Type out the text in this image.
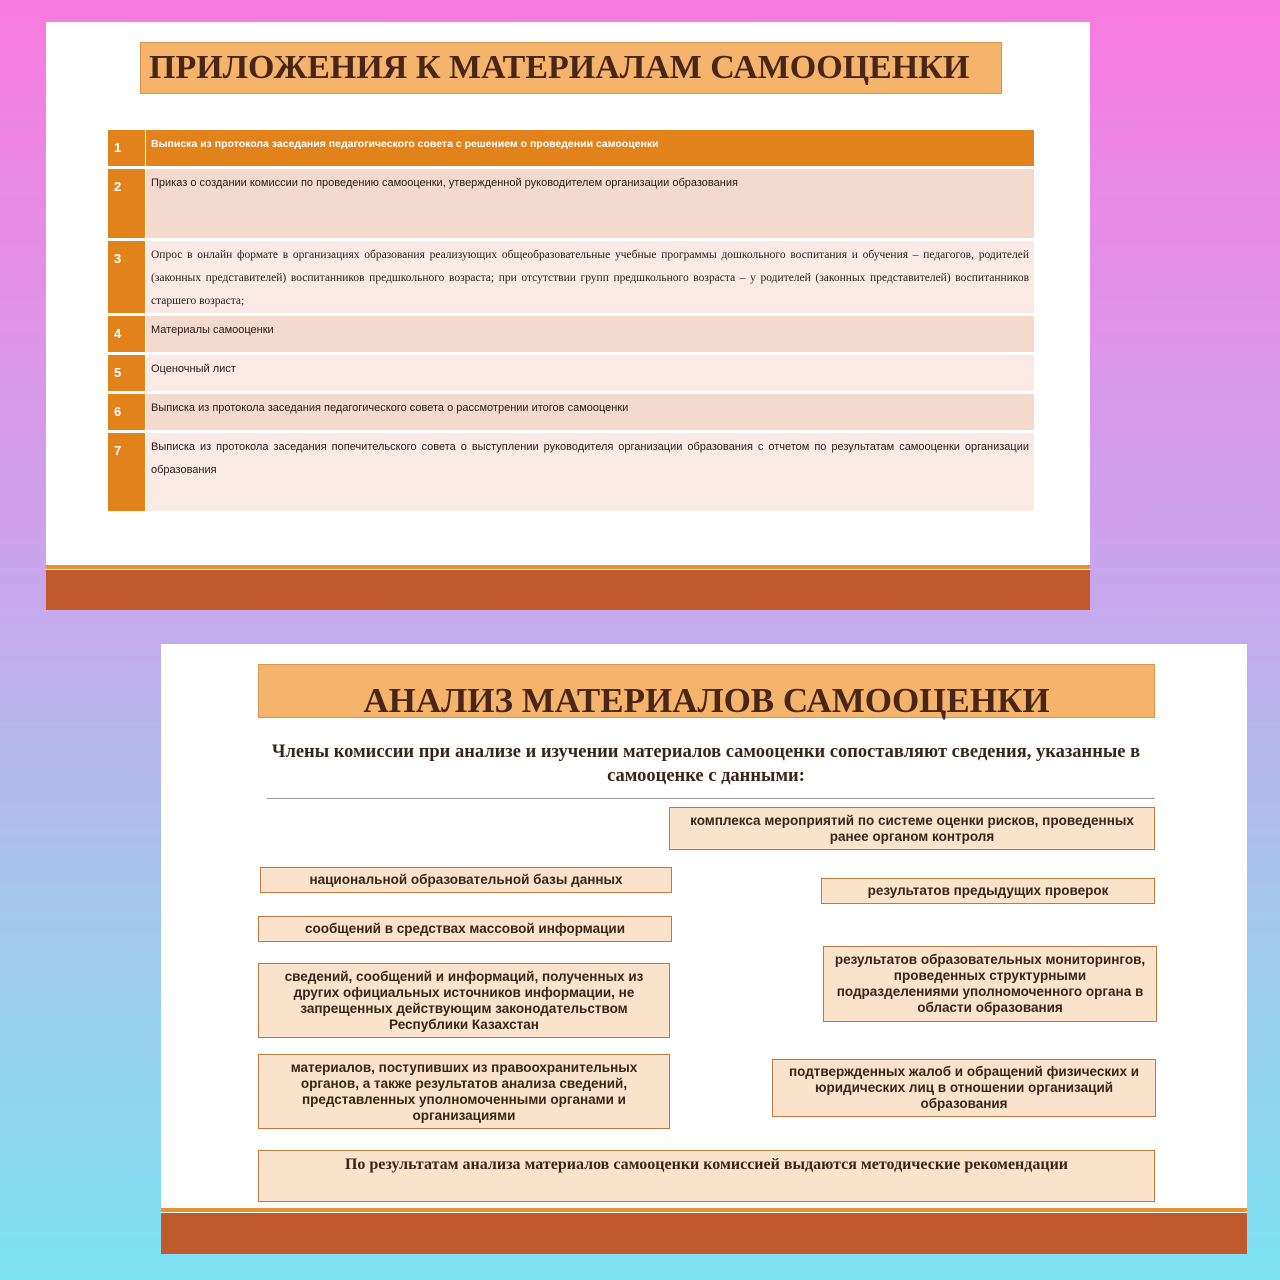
ПРИЛОЖЕНИЯ К МАТЕРИАЛАМ САМООЦЕНКИ
1	Выписка из протокола заседания педагогического совета с решением о проведении самооценки
2	Приказ о создании комиссии по проведению самооценки, утвержденной руководителем организации образования
3	Опрос в онлайн формате в организациях образования реализующих общеобразовательные учебные программы дошкольного воспитания и обучения – педагогов, родителей (законных представителей) воспитанников предшкольного возраста; при отсутствии групп предшкольного возраста – у родителей (законных представителей) воспитанников старшего возраста;
4	Материалы самооценки
5	Оценочный лист
6	Выписка из протокола заседания педагогического совета о рассмотрении итогов самооценки
7	Выписка из протокола заседания попечительского совета о выступлении руководителя организации образования с отчетом по результатам самооценки организации образования
АНАЛИЗ МАТЕРИАЛОВ САМООЦЕНКИ
Члены комиссии при анализе и изучении материалов самооценки сопоставляют сведения, указанные в самооценке с данными:
комплекса мероприятий по системе оценки рисков, проведенных ранее органом контроля
национальной образовательной базы данных
результатов предыдущих проверок
сообщений в средствах массовой информации
результатов образовательных мониторингов, проведенных структурными подразделениями уполномоченного органа в области образования
сведений, сообщений и информаций, полученных из других официальных источников информации, не запрещенных действующим законодательством Республики Казахстан
подтвержденных жалоб и обращений физических и юридических лиц в отношении организаций образования
материалов, поступивших из правоохранительных органов, а также результатов анализа сведений, представленных уполномоченными органами и организациями
По результатам анализа материалов самооценки комиссией выдаются методические рекомендации
